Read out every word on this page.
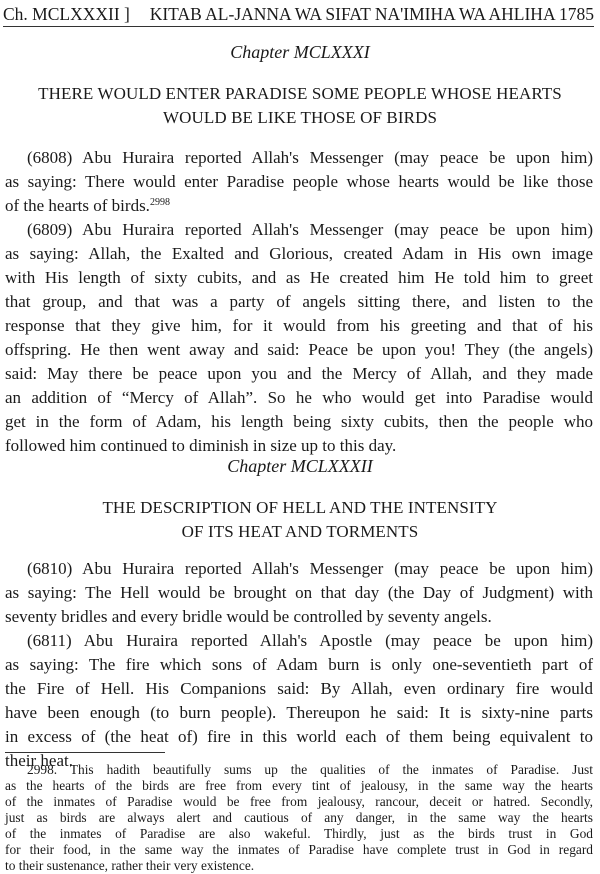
Ch. MCLXXXII ] KITAB AL-JANNA WA SIFAT NA'IMIHA WA AHLIHA 1785
Chapter MCLXXXI
THERE WOULD ENTER PARADISE SOME PEOPLE WHOSE HEARTS
WOULD BE LIKE THOSE OF BIRDS
(6808) Abu Huraira reported Allah's Messenger (may peace be upon him)
as saying: There would enter Paradise people whose hearts would be like those
of the hearts of birds.$^{2998}$
(6809) Abu Huraira reported Allah's Messenger (may peace be upon him)
as saying: Allah, the Exalted and Glorious, created Adam in His own image
with His length of sixty cubits, and as He created him He told him to greet
that group, and that was a party of angels sitting there, and listen to the
response that they give him, for it would from his greeting and that of his
offspring. He then went away and said: Peace be upon you! They (the angels)
said: May there be peace upon you and the Mercy of Allah, and they made
an addition of “Mercy of Allah”. So he who would get into Paradise would
get in the form of Adam, his length being sixty cubits, then the people who
followed him continued to diminish in size up to this day.
Chapter MCLXXXII
THE DESCRIPTION OF HELL AND THE INTENSITY
OF ITS HEAT AND TORMENTS
(6810) Abu Huraira reported Allah's Messenger (may peace be upon him)
as saying: The Hell would be brought on that day (the Day of Judgment) with
seventy bridles and every bridle would be controlled by seventy angels.
(6811) Abu Huraira reported Allah's Apostle (may peace be upon him)
as saying: The fire which sons of Adam burn is only one-seventieth part of
the Fire of Hell. His Companions said: By Allah, even ordinary fire would
have been enough (to burn people). Thereupon he said: It is sixty-nine parts
in excess of (the heat of) fire in this world each of them being equivalent to
their heat.
2998. This hadith beautifully sums up the qualities of the inmates of Paradise. Just
as the hearts of the birds are free from every tint of jealousy, in the same way the hearts
of the inmates of Paradise would be free from jealousy, rancour, deceit or hatred. Secondly,
just as birds are always alert and cautious of any danger, in the same way the hearts
of the inmates of Paradise are also wakeful. Thirdly, just as the birds trust in God
for their food, in the same way the inmates of Paradise have complete trust in God in regard
to their sustenance, rather their very existence.
